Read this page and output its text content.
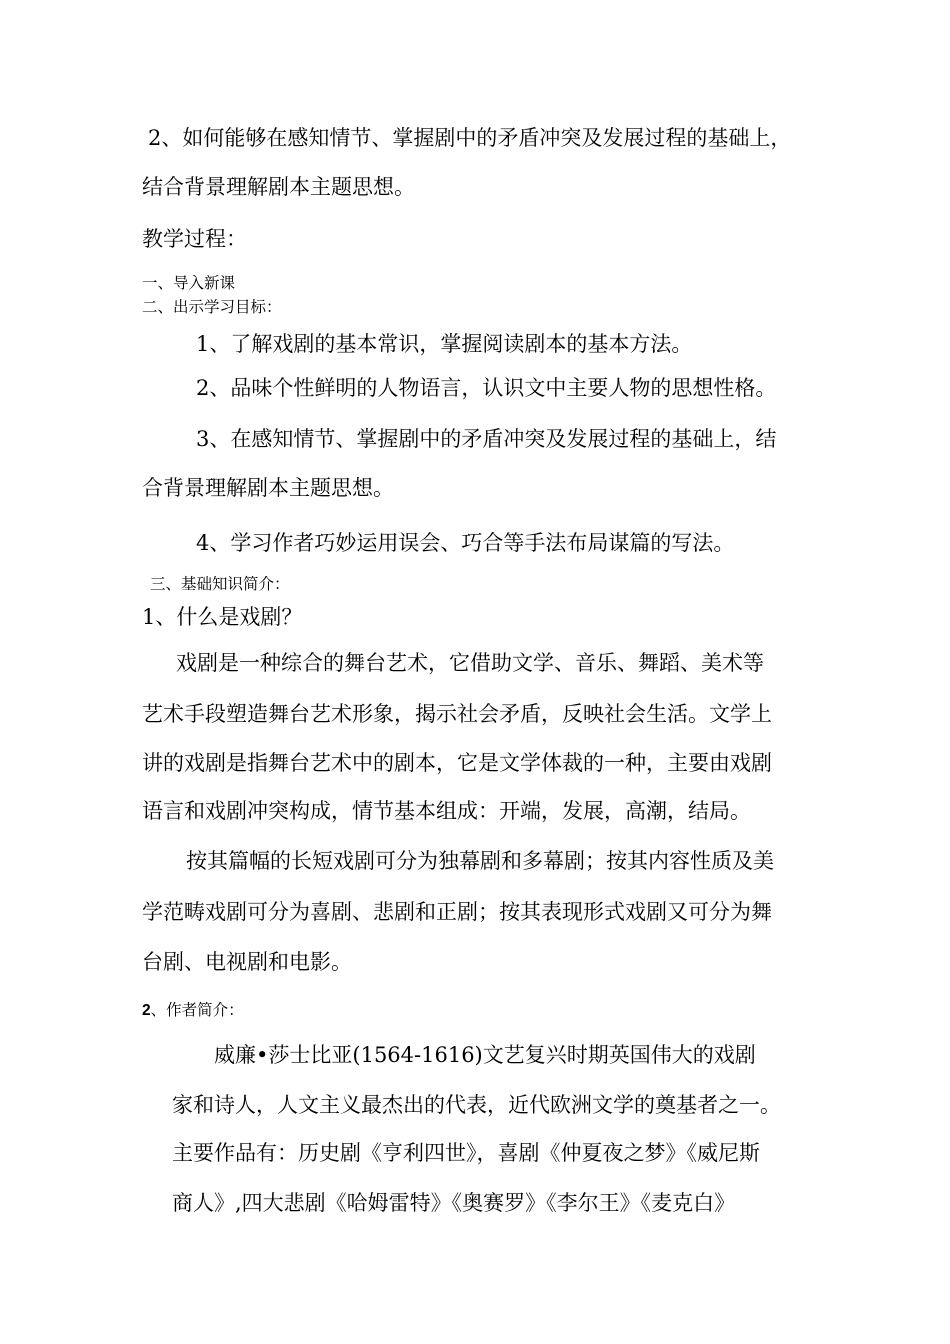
2、如何能够在感知情节、掌握剧中的矛盾冲突及发展过程的基础上，
结合背景理解剧本主题思想。
教学过程：
一、导入新课
二、出示学习目标：
1、了解戏剧的基本常识，掌握阅读剧本的基本方法。
2、品味个性鲜明的人物语言，认识文中主要人物的思想性格。
3、在感知情节、掌握剧中的矛盾冲突及发展过程的基础上，结
合背景理解剧本主题思想。
4、学习作者巧妙运用误会、巧合等手法布局谋篇的写法。
三、基础知识简介：
1、什么是戏剧？
戏剧是一种综合的舞台艺术，它借助文学、音乐、舞蹈、美术等
艺术手段塑造舞台艺术形象，揭示社会矛盾，反映社会生活。文学上
讲的戏剧是指舞台艺术中的剧本，它是文学体裁的一种，主要由戏剧
语言和戏剧冲突构成，情节基本组成：开端，发展，高潮，结局。
按其篇幅的长短戏剧可分为独幕剧和多幕剧；按其内容性质及美
学范畴戏剧可分为喜剧、悲剧和正剧；按其表现形式戏剧又可分为舞
台剧、电视剧和电影。
2、作者简介：
威廉•莎士比亚(1564-1616)文艺复兴时期英国伟大的戏剧
家和诗人，人文主义最杰出的代表，近代欧洲文学的奠基者之一。
主要作品有：历史剧《亨利四世》，喜剧《仲夏夜之梦》《威尼斯
商人》,四大悲剧《哈姆雷特》《奥赛罗》《李尔王》《麦克白》
